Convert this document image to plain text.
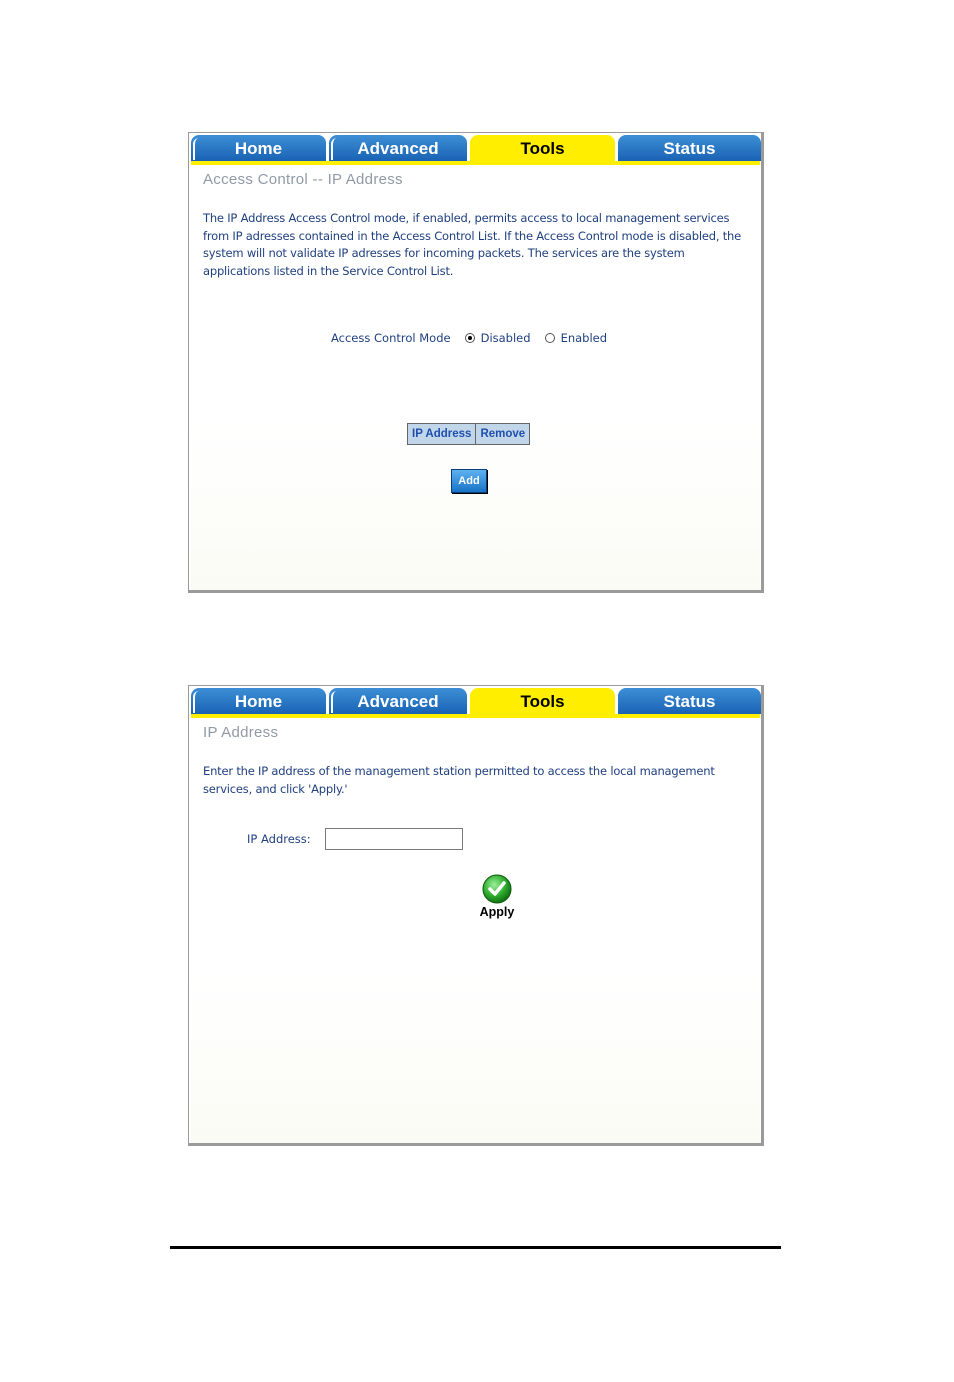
Home	Advanced	Tools	Status
Access Control -- IP Address
The IP Address Access Control mode, if enabled, permits access to local management services from IP adresses contained in the Access Control List. If the Access Control mode is disabled, the system will not validate IP adresses for incoming packets. The services are the system applications listed in the Service Control List.
Access Control Mode	Disabled	Enabled
IP Address Remove
Add
Home	Advanced	Tools	Status
IP Address
Enter the IP address of the management station permitted to access the local management services, and click 'Apply.'
IP Address:
Apply
